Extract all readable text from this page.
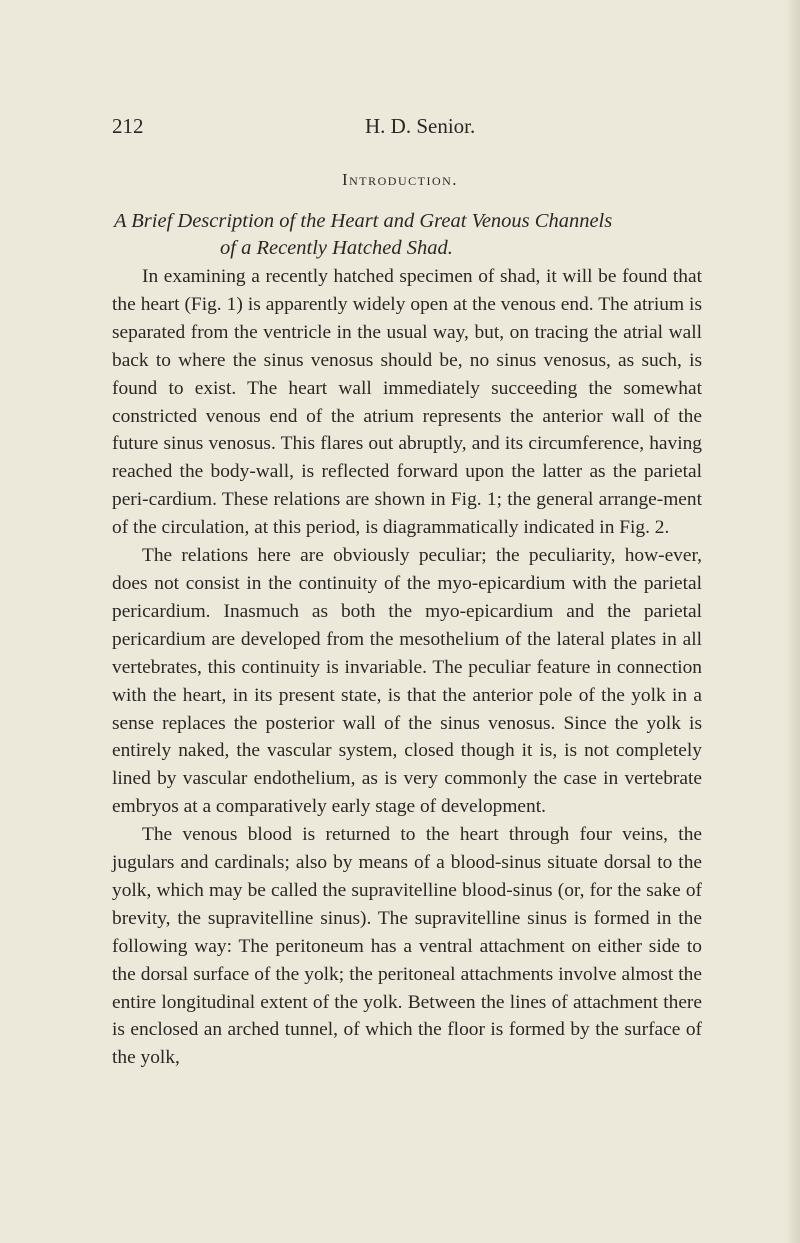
212	H. D. Senior.
Introduction.
A Brief Description of the Heart and Great Venous Channels
of a Recently Hatched Shad.

In examining a recently hatched specimen of shad, it will be found that the heart (Fig. 1) is apparently widely open at the venous end. The atrium is separated from the ventricle in the usual way, but, on tracing the atrial wall back to where the sinus venosus should be, no sinus venosus, as such, is found to exist. The heart wall immediately succeeding the somewhat constricted venous end of the atrium represents the anterior wall of the future sinus venosus. This flares out abruptly, and its circumference, having reached the body-wall, is reflected forward upon the latter as the parietal peri-cardium. These relations are shown in Fig. 1; the general arrange-ment of the circulation, at this period, is diagrammatically indicated in Fig. 2.

The relations here are obviously peculiar; the peculiarity, how-ever, does not consist in the continuity of the myo-epicardium with the parietal pericardium. Inasmuch as both the myo-epicardium and the parietal pericardium are developed from the mesothelium of the lateral plates in all vertebrates, this continuity is invariable. The peculiar feature in connection with the heart, in its present state, is that the anterior pole of the yolk in a sense replaces the posterior wall of the sinus venosus. Since the yolk is entirely naked, the vascular system, closed though it is, is not completely lined by vascular endothelium, as is very commonly the case in vertebrate embryos at a comparatively early stage of development.

The venous blood is returned to the heart through four veins, the jugulars and cardinals; also by means of a blood-sinus situate dorsal to the yolk, which may be called the supravitelline blood-sinus (or, for the sake of brevity, the supravitelline sinus). The supravitelline sinus is formed in the following way: The peritoneum has a ventral attachment on either side to the dorsal surface of the yolk; the peritoneal attachments involve almost the entire longitudinal extent of the yolk. Between the lines of attachment there is enclosed an arched tunnel, of which the floor is formed by the surface of the yolk,
